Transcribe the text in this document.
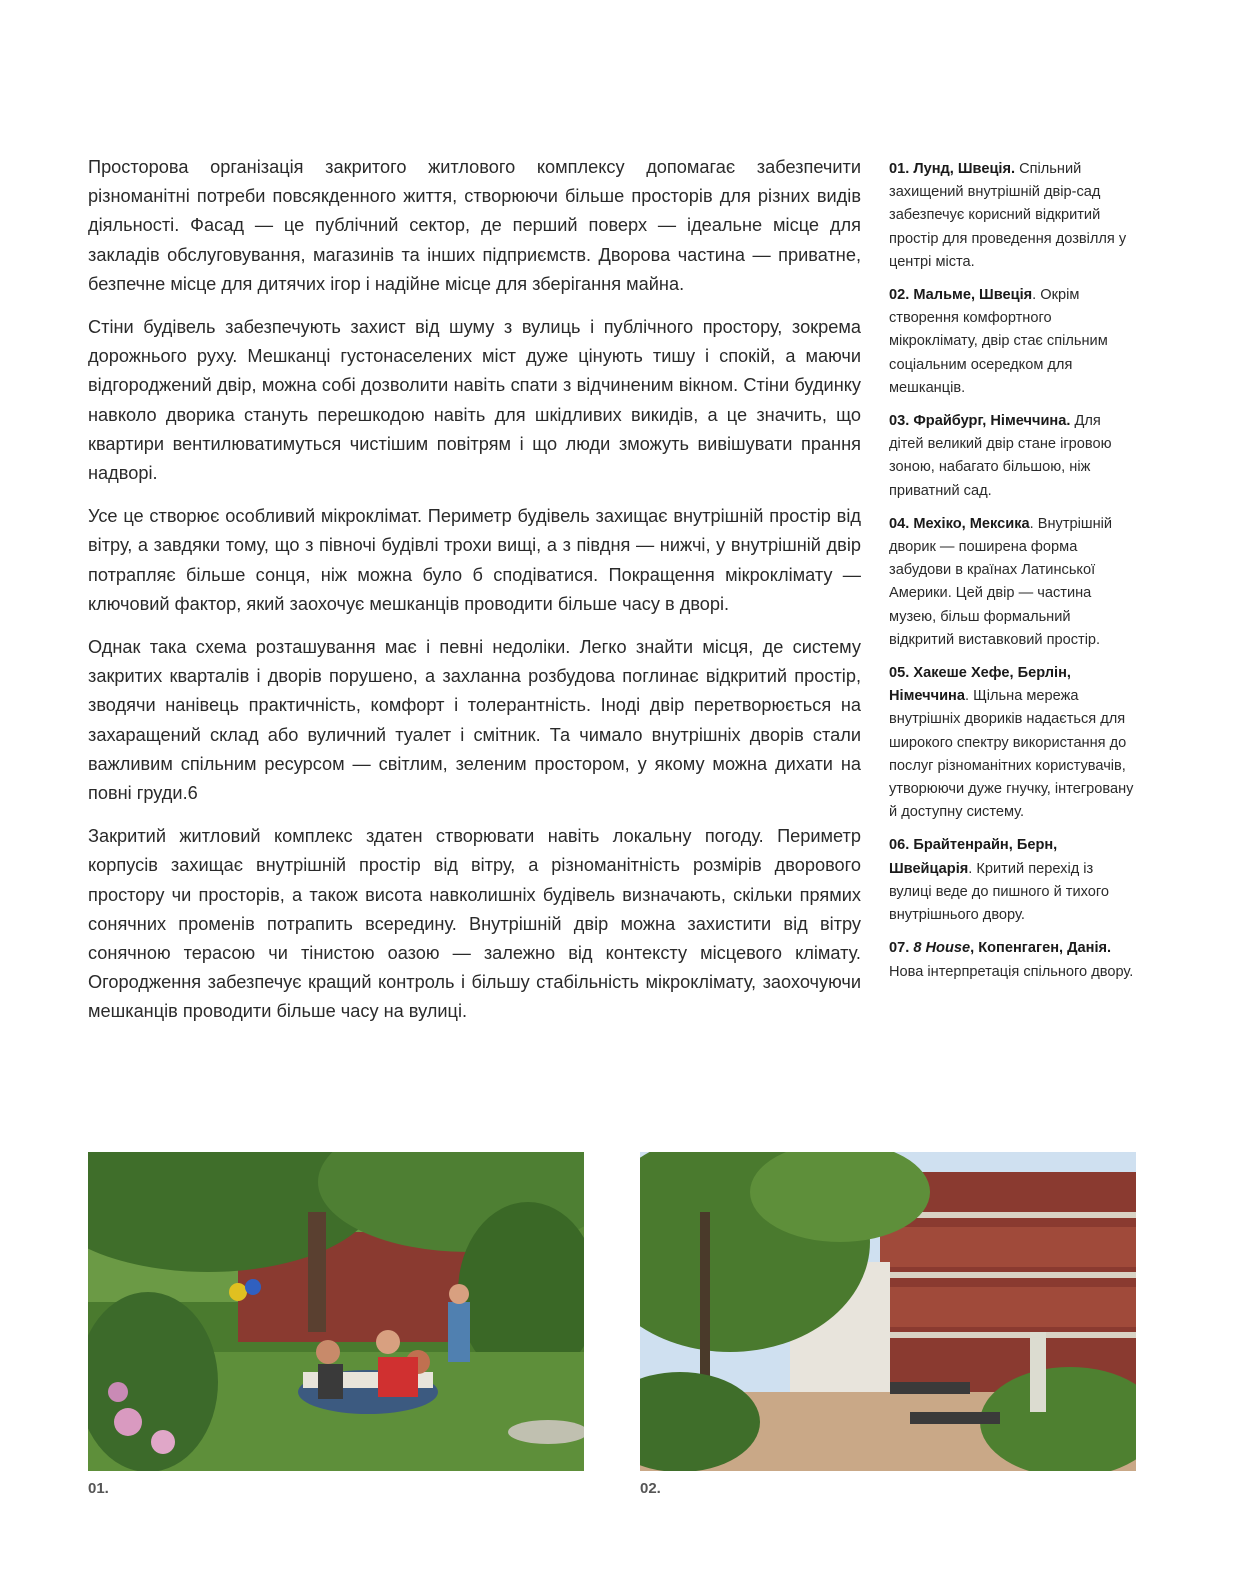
Просторова організація закритого житлового комплексу допомагає забезпечити різноманітні потреби повсякденного життя, створюючи більше просторів для різних видів діяльності. Фасад — це публічний сектор, де перший поверх — ідеальне місце для закладів обслуговування, магазинів та інших підприємств. Дворова частина — приватне, безпечне місце для дитячих ігор і надійне місце для зберігання майна.

Стіни будівель забезпечують захист від шуму з вулиць і публічного простору, зокрема дорожнього руху. Мешканці густонаселених міст дуже цінують тишу і спокій, а маючи відгороджений двір, можна собі дозволити навіть спати з відчиненим вікном. Стіни будинку навколо дворика стануть перешкодою навіть для шкідливих викидів, а це значить, що квартири вентилюватимуться чистішим повітрям і що люди зможуть вивішувати прання надворі.

Усе це створює особливий мікроклімат. Периметр будівель захищає внутрішній простір від вітру, а завдяки тому, що з півночі будівлі трохи вищі, а з півдня — нижчі, у внутрішній двір потрапляє більше сонця, ніж можна було б сподіватися. Покращення мікроклімату — ключовий фактор, який заохочує мешканців проводити більше часу в дворі.

Однак така схема розташування має і певні недоліки. Легко знайти місця, де систему закритих кварталів і дворів порушено, а захланна розбудова поглинає відкритий простір, зводячи нанівець практичність, комфорт і толерантність. Іноді двір перетворюється на захаращений склад або вуличний туалет і смітник. Та чимало внутрішніх дворів стали важливим спільним ресурсом — світлим, зеленим простором, у якому можна дихати на повні груди.6

Закритий житловий комплекс здатен створювати навіть локальну погоду. Периметр корпусів захищає внутрішній простір від вітру, а різноманітність розмірів дворового простору чи просторів, а також висота навколишніх будівель визначають, скільки прямих сонячних променів потрапить всередину. Внутрішній двір можна захистити від вітру сонячною терасою чи тінистою оазою — залежно від контексту місцевого клімату. Огородження забезпечує кращий контроль і більшу стабільність мікроклімату, заохочуючи мешканців проводити більше часу на вулиці.

01. Лунд, Швеція. Спільний захищений внутрішній двір-сад забезпечує корисний відкритий простір для проведення дозвілля у центрі міста.
02. Мальме, Швеція. Окрім створення комфортного мікроклімату, двір стає спільним соціальним осередком для мешканців.
03. Фрайбург, Німеччина. Для дітей великий двір стане ігровою зоною, набагато більшою, ніж приватний сад.
04. Мехіко, Мексика. Внутрішній дворик — поширена форма забудови в країнах Латинської Америки. Цей двір — частина музею, більш формальний відкритий виставковий простір.
05. Хакеше Хефе, Берлін, Німеччина. Щільна мережа внутрішніх двориків надається для широкого спектру використання до послуг різноманітних користувачів, утворюючи дуже гнучку, інтегровану й доступну систему.
06. Брайтенрайн, Берн, Швейцарія. Критий перехід із вулиці веде до пишного й тихого внутрішнього двору.
07. 8 House, Копенгаген, Данія. Нова інтерпретація спільного двору.
01.	02.
